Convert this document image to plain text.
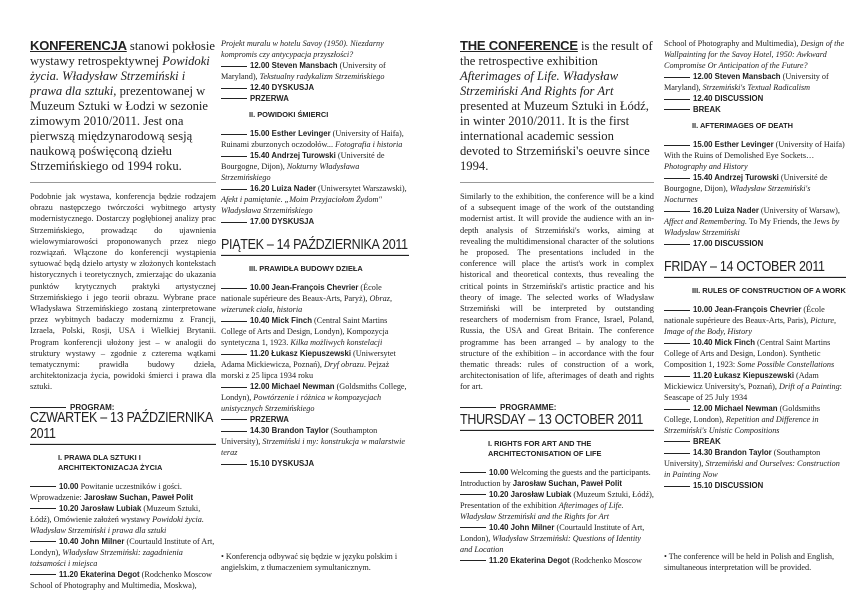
KONFERENCJA stanowi pokłosie wystawy retrospektywnej Powidoki życia. Władysław Strzemiński i prawa dla sztuki, prezentowanej w Muzeum Sztuki w Łodzi w sezonie zimowym 2010/2011. Jest ona pierwszą międzynarodową sesją naukową poświęconą dziełu Strzemińskiego od 1994 roku.

Podobnie jak wystawa, konferencja będzie rodzajem obrazu następczego twórczości wybitnego artysty modernistycznego. Dostarczy pogłębionej analizy prac Strzemińskiego, prowadząc do ujawnienia wielowymiarowości proponowanych przez niego rozwiązań. Włączone do konferencji wystąpienia sytuować będą dzieło artysty w złożonych kontekstach historycznych i teoretycznych, zmierzając do ukazania punktów krytycznych praktyki artystycznej Strzemińskiego i jego teorii obrazu. Wybrane prace Władysława Strzemińskiego zostaną zinterpretowane przez wybitnych badaczy modernizmu z Francji, Izraela, Polski, Rosji, USA i Wielkiej Brytanii. Program konferencji ułożony jest – w analogii do struktury wystawy – zgodnie z czterema wątkami tematycznymi: prawidła budowy dzieła, architektonizacja życia, powidoki śmierci i prawa dla sztuki.

PROGRAM:
CZWARTEK – 13 PAŹDZIERNIKA 2011
I. PRAWA DLA SZTUKI I ARCHITEKTONIZACJA ŻYCIA
10.00 Powitanie uczestników i gości. Wprowadzenie: Jarosław Suchan, Paweł Polit
10.20 Jarosław Lubiak (Muzeum Sztuki, Łódź), Omówienie założeń wystawy Powidoki życia. Władysław Strzemiński i prawa dla sztuki
10.40 John Milner (Courtauld Institute of Art, Londyn), Władysław Strzemiński: zagadnienia tożsamości i miejsca
11.20 Ekaterina Degot (Rodchenko Moscow School of Photography and Multimedia, Moskwa),
Projekt muralu w hotelu Savoy (1950). Niezdarny kompromis czy antycypacja przyszłości?
12.00 Steven Mansbach (University of Maryland), Tekstualny radykalizm Strzemińskiego
12.40 DYSKUSJA
PRZERWA
II. POWIDOKI ŚMIERCI
15.00 Esther Levinger (University of Haifa), Ruinami zburzonych oczodołów... Fotografia i historia
15.40 Andrzej Turowski (Université de Bourgogne, Dijon), Nokturny Władysława Strzemińskiego
16.20 Luiza Nader (Uniwersytet Warszawski), Afekt i pamiętanie. „Moim Przyjaciołom Żydom" Władysława Strzemińskiego
17.00 DYSKUSJA
PIĄTEK – 14 PAŹDZIERNIKA 2011
III. PRAWIDŁA BUDOWY DZIEŁA
10.00 Jean-François Chevrier (École nationale supérieure des Beaux-Arts, Paryż), Obraz, wizerunek ciała, historia
10.40 Mick Finch (Central Saint Martins College of Arts and Design, Londyn), Kompozycja syntetyczna 1, 1923. Kilka możliwych konstelacji
11.20 Łukasz Kiepuszewski (Uniwersytet Adama Mickiewicza, Poznań), Dryf obrazu. Pejzaż morski z 25 lipca 1934 roku
12.00 Michael Newman (Goldsmiths College, Londyn), Powtórzenie i różnica w kompozycjach unistycznych Strzemińskiego
PRZERWA
14.30 Brandon Taylor (Southampton University), Strzemiński i my: konstrukcja w malarstwie teraz
15.10 DYSKUSJA
• Konferencja odbywać się będzie w języku polskim i angielskim, z tłumaczeniem symultanicznym.

THE CONFERENCE is the result of the retrospective exhibition Afterimages of Life. Władysław Strzemiński And Rights for Art presented at Muzeum Sztuki in Łódź, in winter 2010/2011. It is the first international academic session devoted to Strzemiński's oeuvre since 1994.

Similarly to the exhibition, the conference will be a kind of a subsequent image of the work of the outstanding modernist artist. It will provide the audience with an in-depth analysis of Strzemiński's works, aiming at revealing the multidimensional character of the solutions he proposed. The presentations included in the conference will place the artist's work in complex historical and theoretical contexts, thus revealing the critical points in Strzemiński's artistic practice and his theory of image. The selected works of Władysław Strzemiński will be interpreted by outstanding researchers of modernism from France, Israel, Poland, Russia, the USA and Great Britain. The conference programme has been arranged – by analogy to the structure of the exhibition – in accordance with the four thematic threads: rules of construction of a work, architectonisation of life, afterimages of death and rights for art.

PROGRAMME:
THURSDAY – 13 OCTOBER 2011
I. RIGHTS FOR ART AND THE ARCHITECTONISATION OF LIFE
10.00 Welcoming the guests and the participants. Introduction by Jarosław Suchan, Paweł Polit
10.20 Jarosław Lubiak (Muzeum Sztuki, Łódź), Presentation of the exhibition Afterimages of Life. Władysław Strzemiński and the Rights for Art
10.40 John Milner (Courtauld Institute of Art, London), Władysław Strzemiński: Questions of Identity and Location
11.20 Ekaterina Degot (Rodchenko Moscow
School of Photography and Multimedia), Design of the Wallpainting for the Savoy Hotel, 1950: Awkward Compromise Or Anticipation of the Future?
12.00 Steven Mansbach (University of Maryland), Strzemiński's Textual Radicalism
12.40 DISCUSSION
BREAK
II. AFTERIMAGES OF DEATH
15.00 Esther Levinger (University of Haifa) With the Ruins of Demolished Eye Sockets… Photography and History
15.40 Andrzej Turowski (Université de Bourgogne, Dijon), Władysław Strzemiński's Nocturnes
16.20 Luiza Nader (University of Warsaw), Affect and Remembering. To My Friends, the Jews by Władysław Strzemiński
17.00 DISCUSSION
FRIDAY – 14 OCTOBER 2011
III. RULES OF CONSTRUCTION OF A WORK
10.00 Jean-François Chevrier (École nationale supérieure des Beaux-Arts, Paris), Picture, Image of the Body, History
10.40 Mick Finch (Central Saint Martins College of Arts and Design, London). Synthetic Composition 1, 1923: Some Possible Constellations
11.20 Łukasz Kiepuszewski (Adam Mickiewicz University's, Poznań), Drift of a Painting: Seascape of 25 July 1934
12.00 Michael Newman (Goldsmiths College, London), Repetition and Difference in Strzemiński's Unistic Compositions
BREAK
14.30 Brandon Taylor (Southampton University), Strzemiński and Ourselves: Construction in Painting Now
15.10 DISCUSSION
• The conference will be held in Polish and English, simultaneous interpretation will be provided.
